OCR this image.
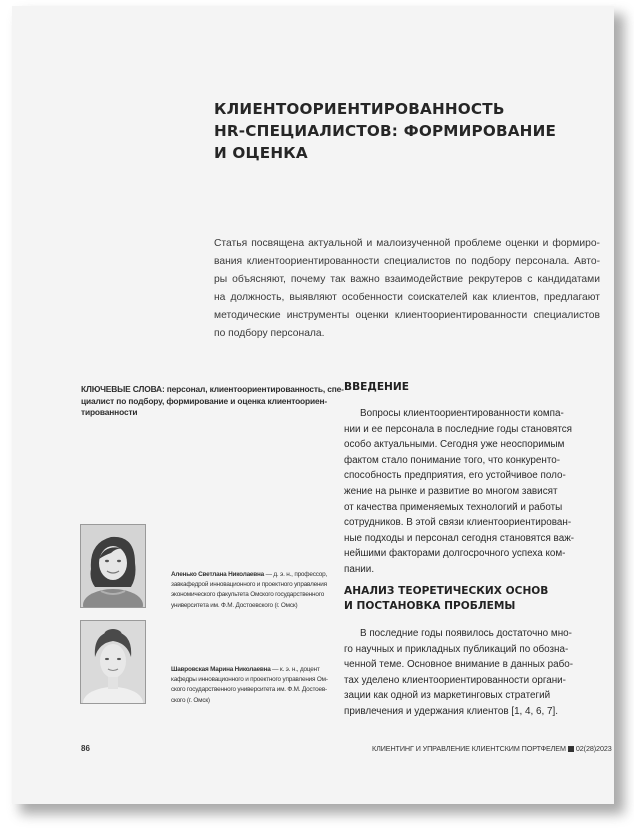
КЛИЕНТООРИЕНТИРОВАННОСТЬ
HR-СПЕЦИАЛИСТОВ: ФОРМИРОВАНИЕ
И ОЦЕНКА
Статья посвящена актуальной и малоизученной проблеме оценки и формиро-
вания клиентоориентированности специалистов по подбору персонала. Авто-
ры объясняют, почему так важно взаимодействие рекрутеров с кандидатами
на должность, выявляют особенности соискателей как клиентов, предлагают
методические инструменты оценки клиентоориентированности специалистов
по подбору персонала.
КЛЮЧЕВЫЕ СЛОВА: персонал, клиентоориентированность, спе-
циалист по подбору, формирование и оценка клиентоориен-
тированности
Аленько Светлана Николаевна — д. э. н., профессор,
завкафедрой инновационного и проектного управления
экономического факультета Омского государственного
университета им. Ф.М. Достоевского (г. Омск)
Шавровская Марина Николаевна — к. э. н., доцент
кафедры инновационного и проектного управления Ом-
ского государственного университета им. Ф.М. Достоев-
ского (г. Омск)
ВВЕДЕНИЕ
Вопросы клиентоориентированности компа-
нии и ее персонала в последние годы становятся
особо актуальными. Сегодня уже неоспоримым
фактом стало понимание того, что конкуренто-
способность предприятия, его устойчивое поло-
жение на рынке и развитие во многом зависят
от качества применяемых технологий и работы
сотрудников. В этой связи клиентоориентирован-
ные подходы и персонал сегодня становятся важ-
нейшими факторами долгосрочного успеха ком-
пании.
АНАЛИЗ ТЕОРЕТИЧЕСКИХ ОСНОВ
И ПОСТАНОВКА ПРОБЛЕМЫ
В последние годы появилось достаточно мно-
го научных и прикладных публикаций по обозна-
ченной теме. Основное внимание в данных рабо-
тах уделено клиентоориентированности органи-
зации как одной из маркетинговых стратегий
привлечения и удержания клиентов [1, 4, 6, 7].
86	КЛИЕНТИНГ И УПРАВЛЕНИЕ КЛИЕНТСКИМ ПОРТФЕЛЕМ 02(28)2023
